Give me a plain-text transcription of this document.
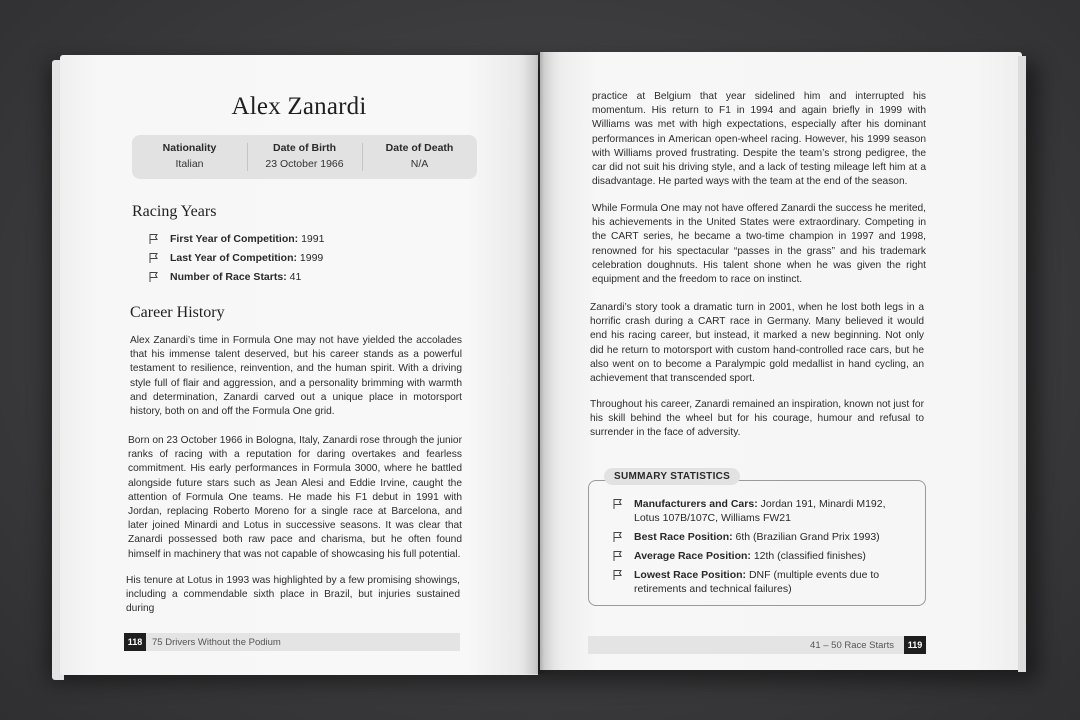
Alex Zanardi
Nationality
Italian
Date of Birth
23 October 1966
Date of Death
N/A
Racing Years
First Year of Competition: 1991
Last Year of Competition: 1999
Number of Race Starts: 41
Career History

Alex Zanardi’s time in Formula One may not have yielded the accolades that his immense talent deserved, but his career stands as a powerful testament to resilience, reinvention, and the human spirit. With a driving style full of flair and aggression, and a personality brimming with warmth and determination, Zanardi carved out a unique place in motorsport history, both on and off the Formula One grid.

Born on 23 October 1966 in Bologna, Italy, Zanardi rose through the junior ranks of racing with a reputation for daring overtakes and fearless commitment. His early performances in Formula 3000, where he battled alongside future stars such as Jean Alesi and Eddie Irvine, caught the attention of Formula One teams. He made his F1 debut in 1991 with Jordan, replacing Roberto Moreno for a single race at Barcelona, and later joined Minardi and Lotus in successive seasons. It was clear that Zanardi possessed both raw pace and charisma, but he often found himself in machinery that was not capable of showcasing his full potential.

His tenure at Lotus in 1993 was highlighted by a few promising showings, including a commendable sixth place in Brazil, but injuries sustained during

118	75 Drivers Without the Podium

practice at Belgium that year sidelined him and interrupted his momentum. His return to F1 in 1994 and again briefly in 1999 with Williams was met with high expectations, especially after his dominant performances in American open-wheel racing. However, his 1999 season with Williams proved frustrating. Despite the team’s strong pedigree, the car did not suit his driving style, and a lack of testing mileage left him at a disadvantage. He parted ways with the team at the end of the season.

While Formula One may not have offered Zanardi the success he merited, his achievements in the United States were extraordinary. Competing in the CART series, he became a two-time champion in 1997 and 1998, renowned for his spectacular “passes in the grass” and his trademark celebration doughnuts. His talent shone when he was given the right equipment and the freedom to race on instinct.

Zanardi’s story took a dramatic turn in 2001, when he lost both legs in a horrific crash during a CART race in Germany. Many believed it would end his racing career, but instead, it marked a new beginning. Not only did he return to motorsport with custom hand-controlled race cars, but he also went on to become a Paralympic gold medallist in hand cycling, an achievement that transcended sport.

Throughout his career, Zanardi remained an inspiration, known not just for his skill behind the wheel but for his courage, humour and refusal to surrender in the face of adversity.

SUMMARY STATISTICS
Manufacturers and Cars: Jordan 191, Minardi M192, Lotus 107B/107C, Williams FW21
Best Race Position: 6th (Brazilian Grand Prix 1993)
Average Race Position: 12th (classified finishes)
Lowest Race Position: DNF (multiple events due to retirements and technical failures)
41 – 50 Race Starts	119
